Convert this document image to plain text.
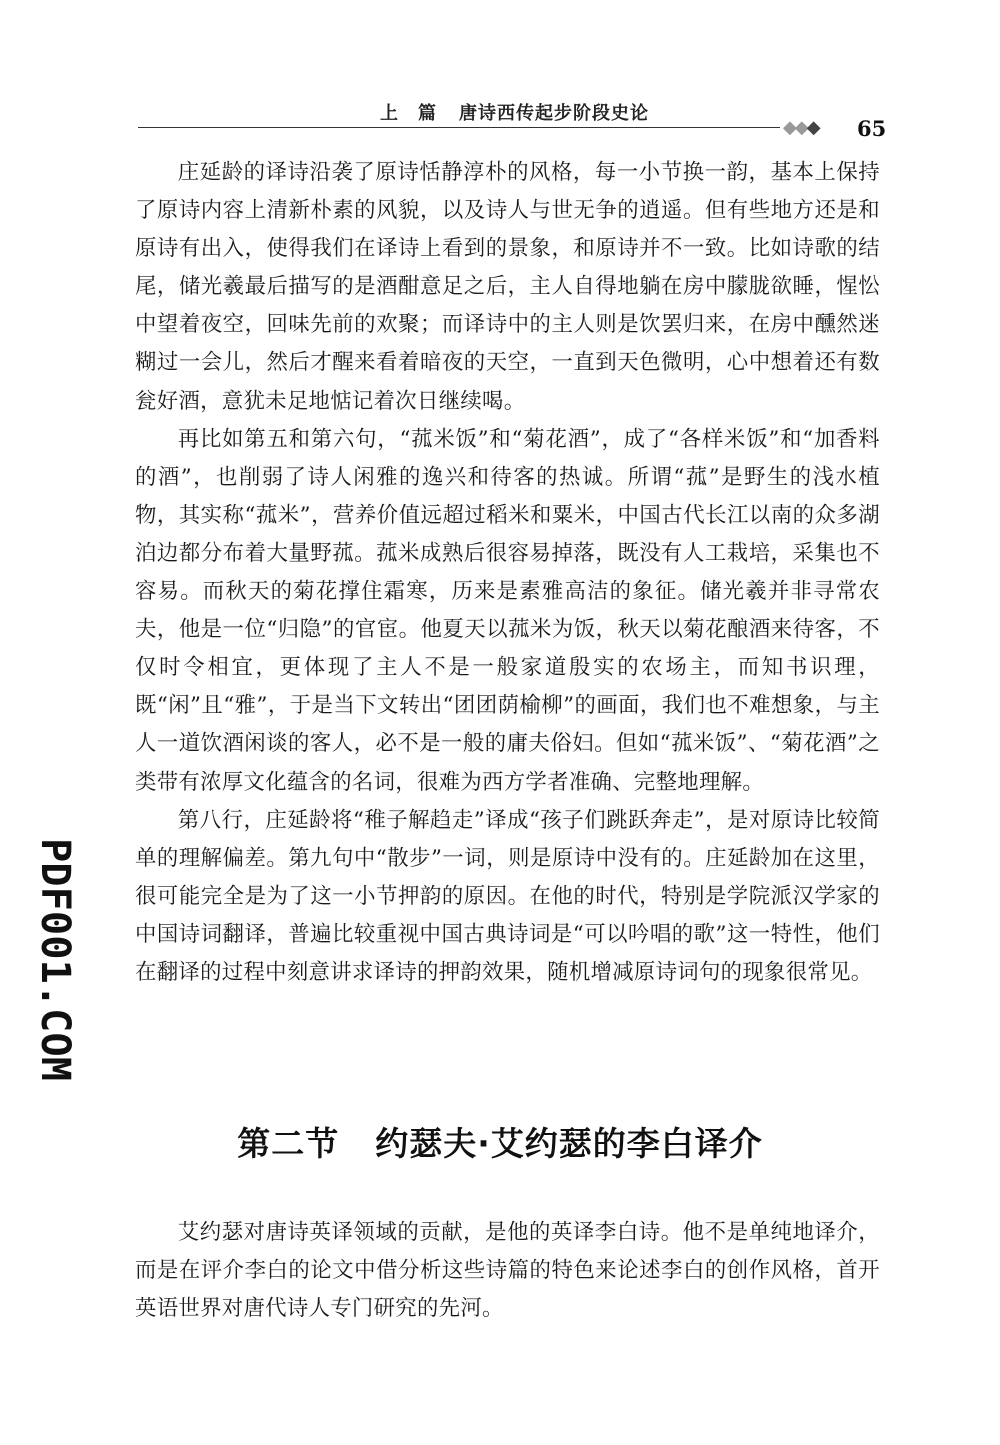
上　篇 唐诗西传起步阶段史论
◆◆◆ 65
PDF001.COM

庄延龄的译诗沿袭了原诗恬静淳朴的风格，每一小节换一韵，基本上保持了原诗内容上清新朴素的风貌，以及诗人与世无争的逍遥。但有些地方还是和原诗有出入，使得我们在译诗上看到的景象，和原诗并不一致。比如诗歌的结尾，储光羲最后描写的是酒酣意足之后，主人自得地躺在房中朦胧欲睡，惺忪中望着夜空，回味先前的欢聚；而译诗中的主人则是饮罢归来，在房中醺然迷糊过一会儿，然后才醒来看着暗夜的天空，一直到天色微明，心中想着还有数瓮好酒，意犹未足地惦记着次日继续喝。

再比如第五和第六句，“菰米饭”和“菊花酒”，成了“各样米饭”和“加香料的酒”，也削弱了诗人闲雅的逸兴和待客的热诚。所谓“菰”是野生的浅水植物，其实称“菰米”，营养价值远超过稻米和粟米，中国古代长江以南的众多湖泊边都分布着大量野菰。菰米成熟后很容易掉落，既没有人工栽培，采集也不容易。而秋天的菊花撑住霜寒，历来是素雅高洁的象征。储光羲并非寻常农夫，他是一位“归隐”的官宦。他夏天以菰米为饭，秋天以菊花酿酒来待客，不仅时令相宜，更体现了主人不是一般家道殷实的农场主，而知书识理，既“闲”且“雅”，于是当下文转出“团团荫榆柳”的画面，我们也不难想象，与主人一道饮酒闲谈的客人，必不是一般的庸夫俗妇。但如“菰米饭”、“菊花酒”之类带有浓厚文化蕴含的名词，很难为西方学者准确、完整地理解。

第八行，庄延龄将“稚子解趋走”译成“孩子们跳跃奔走”，是对原诗比较简单的理解偏差。第九句中“散步”一词，则是原诗中没有的。庄延龄加在这里，很可能完全是为了这一小节押韵的原因。在他的时代，特别是学院派汉学家的中国诗词翻译，普遍比较重视中国古典诗词是“可以吟唱的歌”这一特性，他们在翻译的过程中刻意讲求译诗的押韵效果，随机增减原诗词句的现象很常见。

第二节 约瑟夫·艾约瑟的李白译介

艾约瑟对唐诗英译领域的贡献，是他的英译李白诗。他不是单纯地译介，而是在评介李白的论文中借分析这些诗篇的特色来论述李白的创作风格，首开英语世界对唐代诗人专门研究的先河。
